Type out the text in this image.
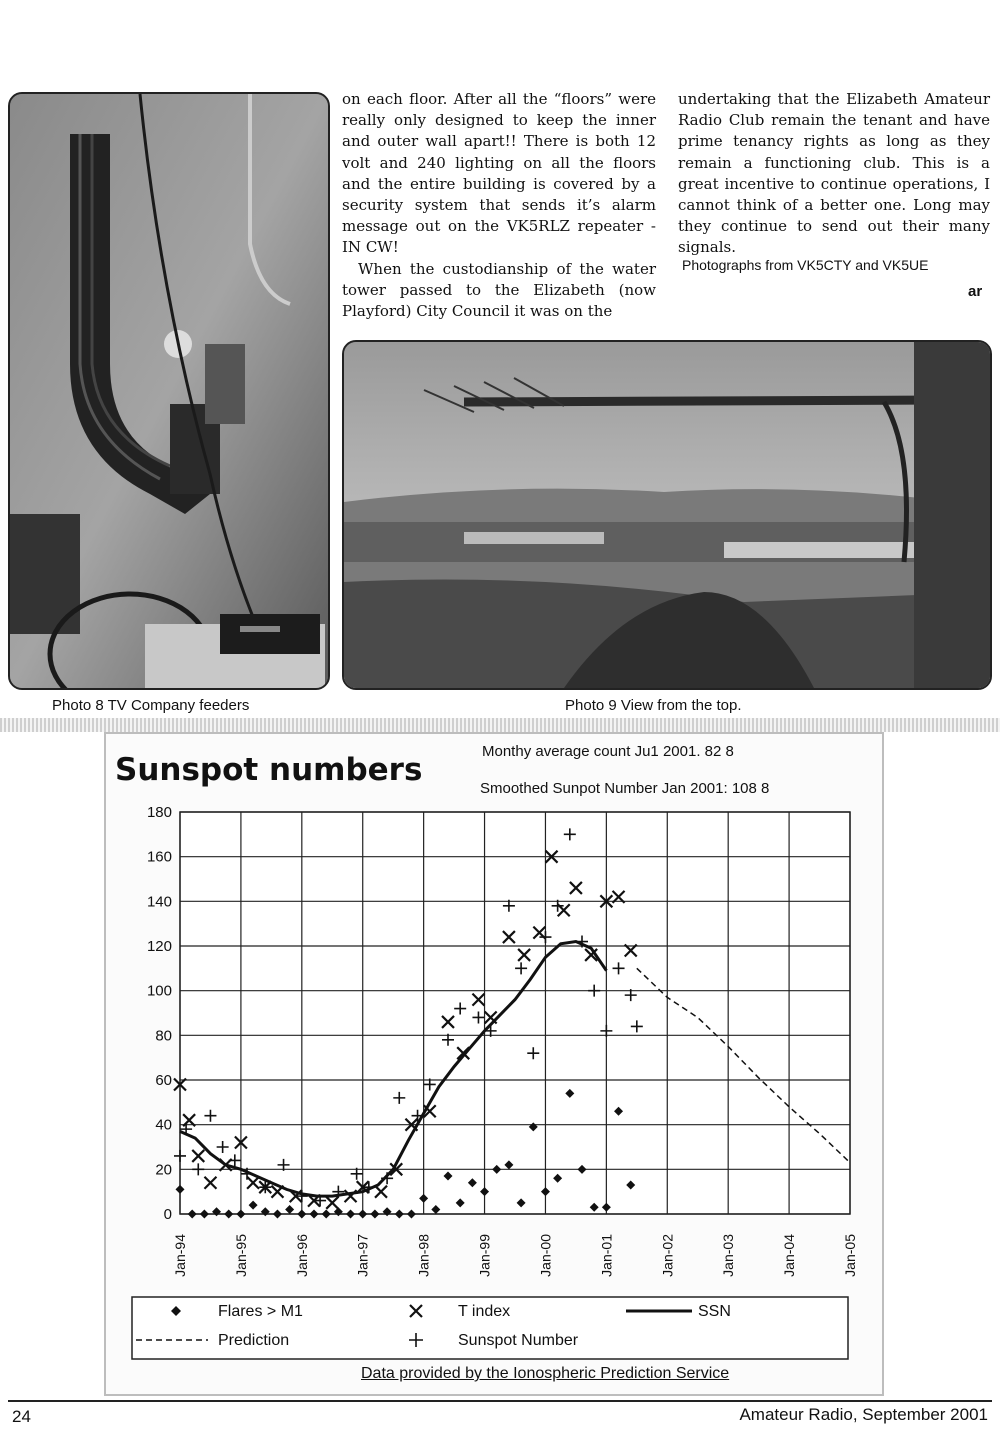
on each floor. After all the “floors” were really only designed to keep the inner and outer wall apart!! There is both 12 volt and 240 lighting on all the floors and the entire building is covered by a security system that sends it’s alarm message out on the VK5RLZ repeater - IN CW!

When the custodianship of the water tower passed to the Elizabeth (now Playford) City Council it was on the

undertaking that the Elizabeth Amateur Radio Club remain the tenant and have prime tenancy rights as long as they remain a functioning club. This is a great incentive to continue operations, I cannot think of a better one. Long may they continue to send out their many signals.

Photographs from VK5CTY and VK5UE
ar
Photo 8 TV Company feeders	Photo 9 View from the top.
0
20
40
60
80
100
120
140
160
180
Jan-94	Jan-95	Jan-96	Jan-97	Jan-98	Jan-99	Jan-00	Jan-01	Jan-02	Jan-03	Jan-04	Jan-05
Flares > M1	T index	SSN
Prediction	Sunspot Number
Sunspot numbers
Monthy average count Ju1 2001. 82 8
Smoothed Sunpot Number Jan 2001: 108 8
Data provided by the Ionospheric Prediction Service
24	Amateur Radio, September 2001
